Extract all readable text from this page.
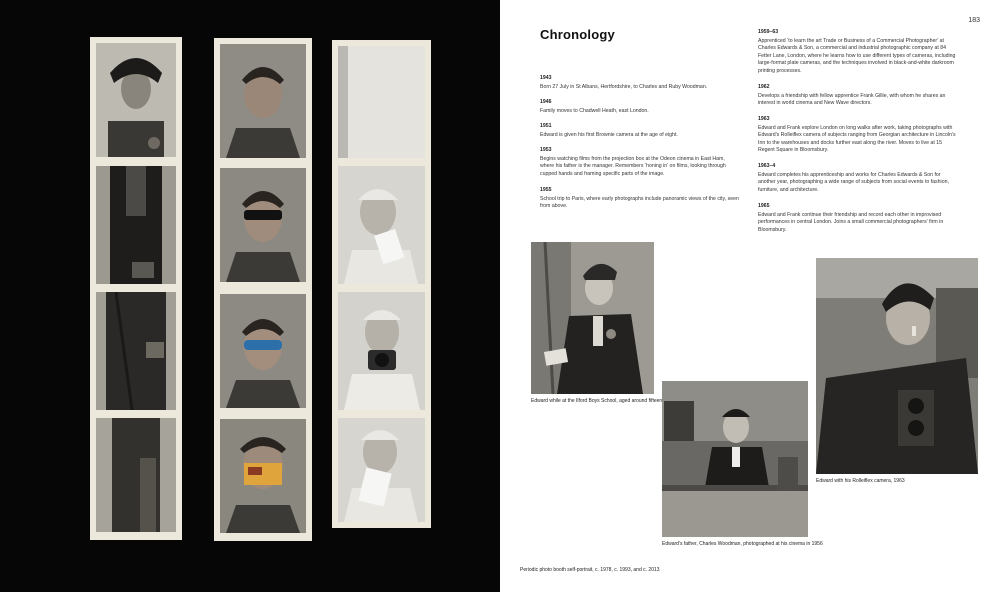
Chronology
183
1943
Born 27 July in St Albans, Hertfordshire, to Charles and Ruby Woodman.
1946
Family moves to Chadwell Heath, east London.
1951
Edward is given his first Brownie camera at the age of eight.
1953
Begins watching films from the projection box at the Odeon cinema in East Ham, where his father is the manager. Remembers ‘honing in’ on films, looking through cupped hands and framing specific parts of the image.
1955
School trip to Paris, where early photographs include panoramic views of the city, seen from above.
1959–63
Apprenticed ‘to learn the art Trade or Business of a Commercial Photographer’ at Charles Edwards & Son, a commercial and industrial photographic company at 84 Fetter Lane, London, where he learns how to use different types of cameras, including large-format plate cameras, and the techniques involved in black-and-white darkroom printing processes.
1962
Develops a friendship with fellow apprentice Frank Gillie, with whom he shares an interest in world cinema and New Wave directors.
1963
Edward and Frank explore London on long walks after work, taking photographs with Edward’s Rolleiflex camera of subjects ranging from Georgian architecture in Lincoln’s Inn to the warehouses and docks further east along the river. Moves to live at 15 Regent Square in Bloomsbury.
1963–4
Edward completes his apprenticeship and works for Charles Edwards & Son for another year, photographing a wide range of subjects from social events to fashion, furniture, and architecture.
1965
Edward and Frank continue their friendship and record each other in improvised performances in central London. Joins a small commercial photographers’ firm in Bloomsbury.
Edward while at the Ilford Boys School, aged around fifteen
Edward’s father, Charles Woodman, photographed at his cinema in 1956
Edward with his Rolleiflex camera, 1963
Periodic photo booth self-portrait, c. 1978, c. 1993, and c. 2013
